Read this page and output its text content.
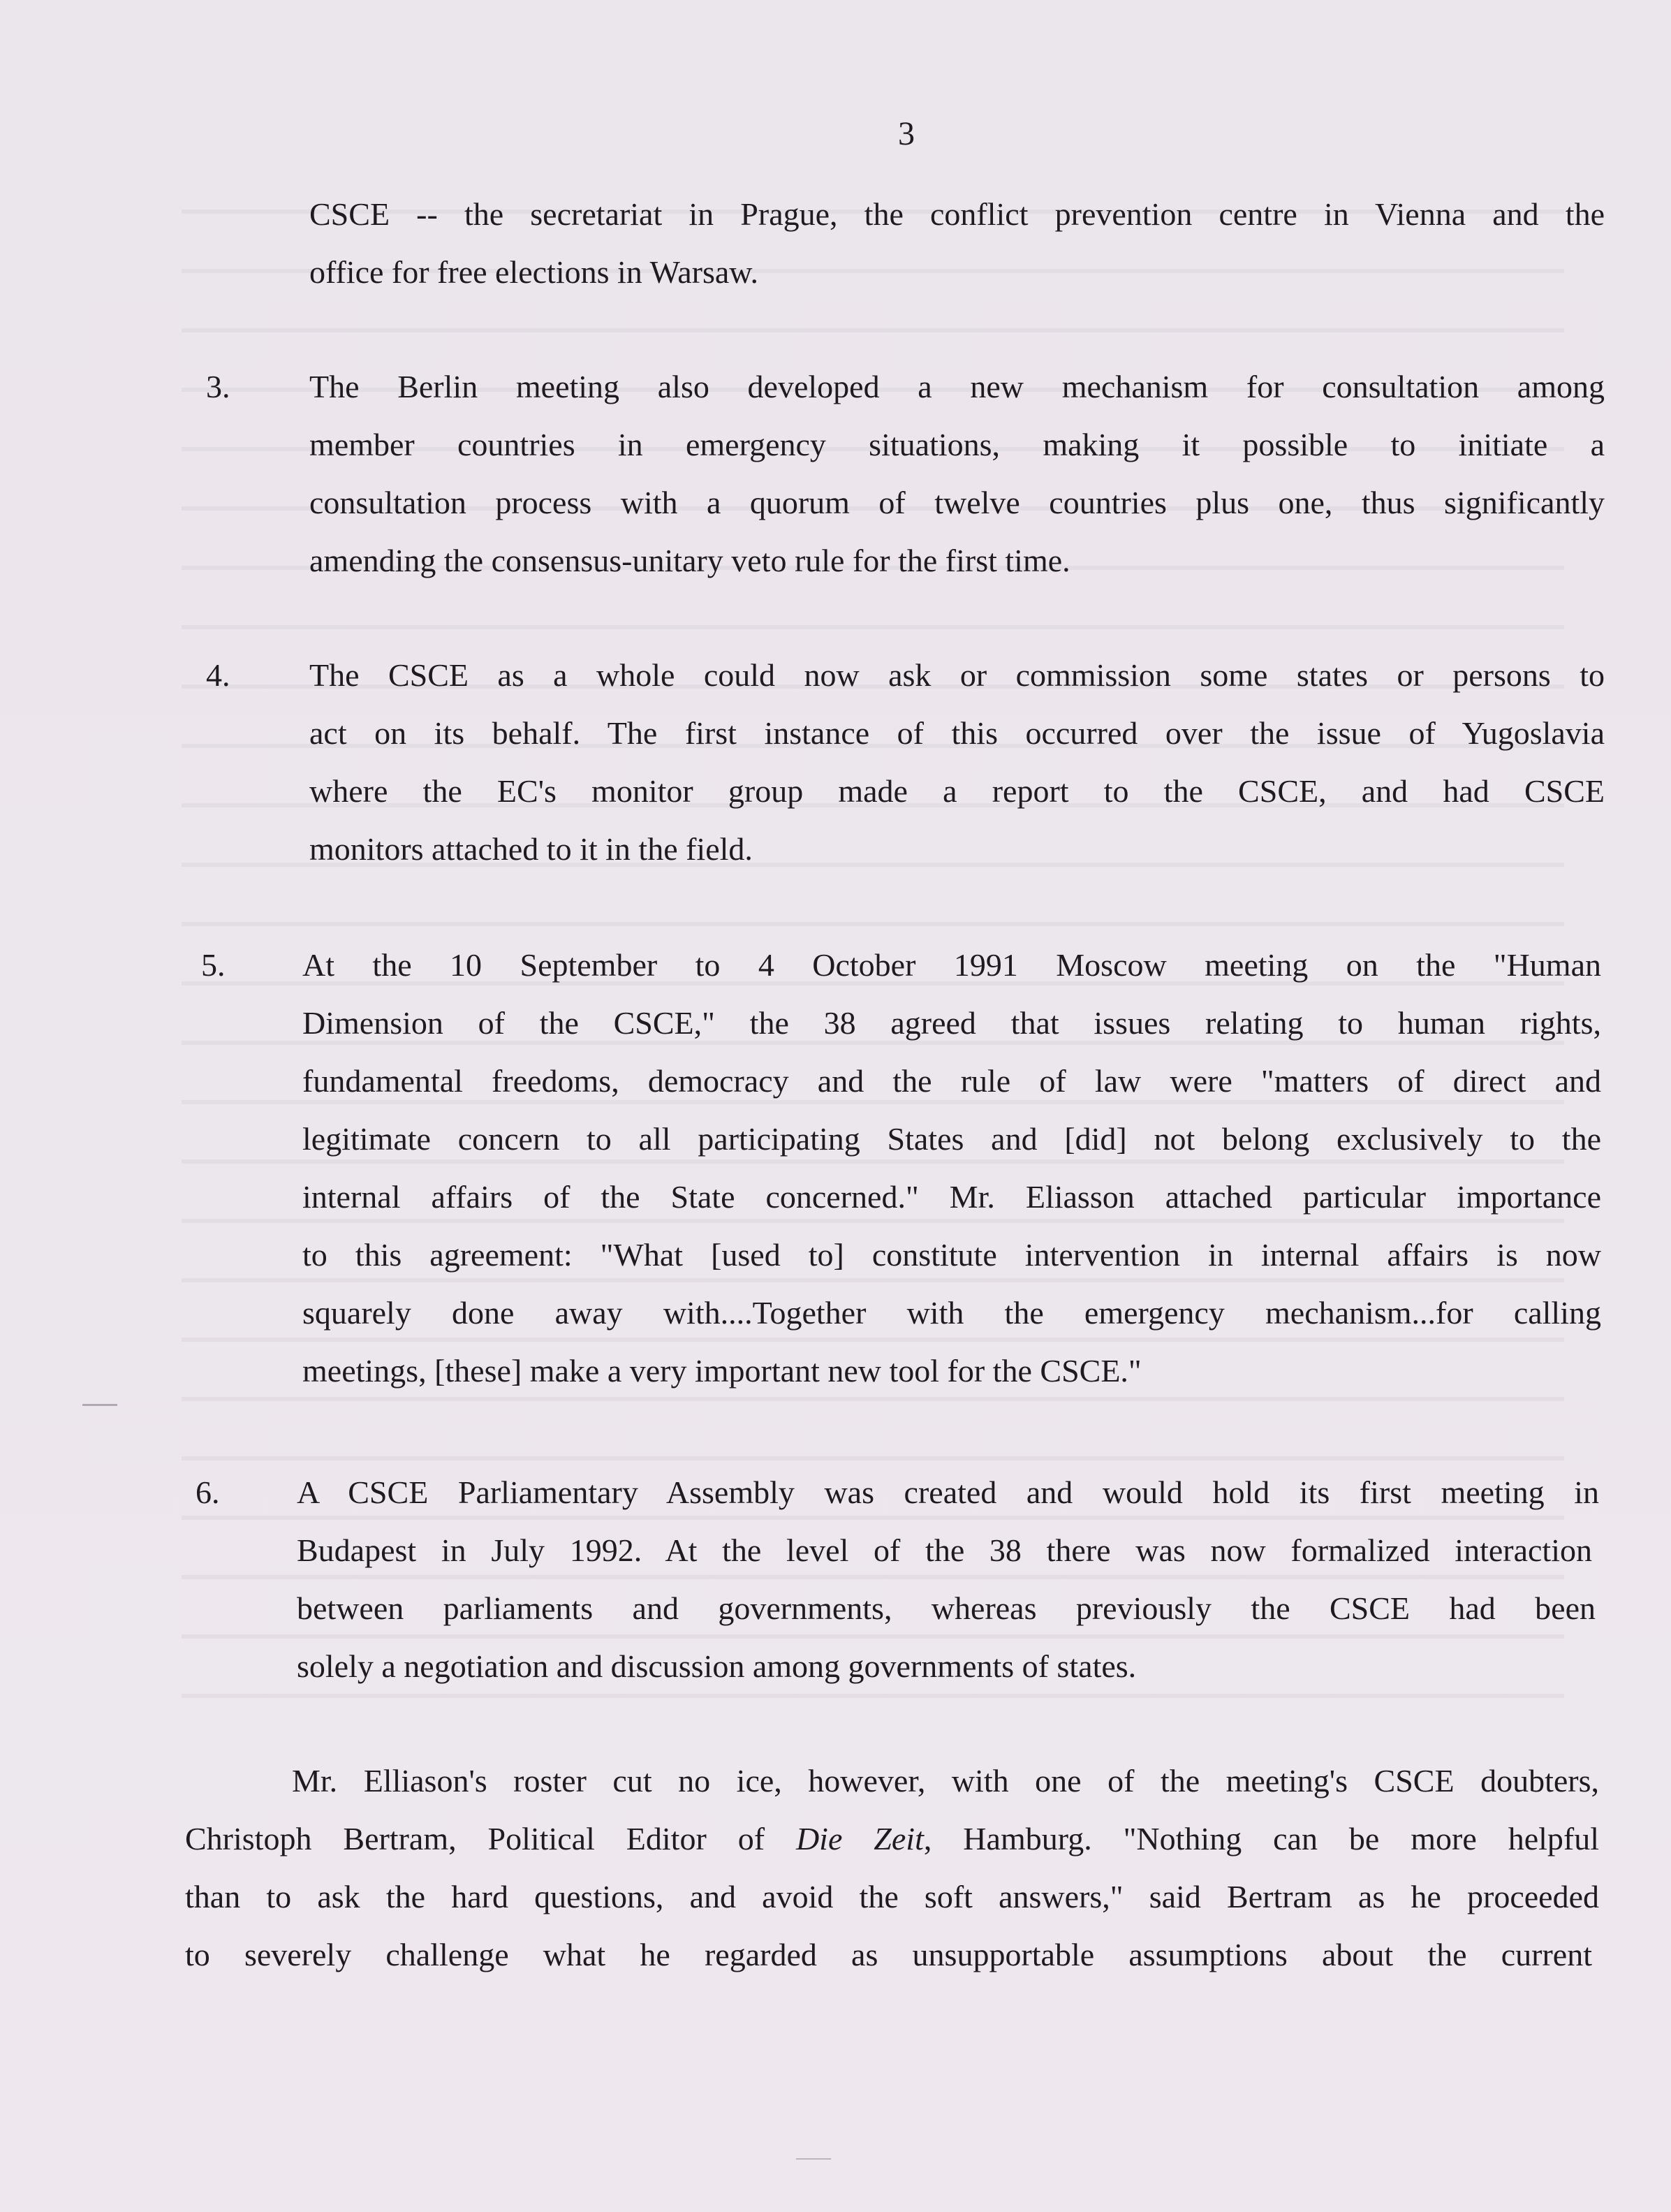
3
CSCE -- the secretariat in Prague, the conflict prevention centre in Vienna and the
office for free elections in Warsaw.
3. The Berlin meeting also developed a new mechanism for consultation among
member countries in emergency situations, making it possible to initiate a
consultation process with a quorum of twelve countries plus one, thus significantly
amending the consensus-unitary veto rule for the first time.
4. The CSCE as a whole could now ask or commission some states or persons to
act on its behalf. The first instance of this occurred over the issue of Yugoslavia
where the EC's monitor group made a report to the CSCE, and had CSCE
monitors attached to it in the field.
5. At the 10 September to 4 October 1991 Moscow meeting on the "Human
Dimension of the CSCE," the 38 agreed that issues relating to human rights,
fundamental freedoms, democracy and the rule of law were "matters of direct and
legitimate concern to all participating States and [did] not belong exclusively to the
internal affairs of the State concerned." Mr. Eliasson attached particular importance
to this agreement: "What [used to] constitute intervention in internal affairs is now
squarely done away with....Together with the emergency mechanism...for calling
meetings, [these] make a very important new tool for the CSCE."
6. A CSCE Parliamentary Assembly was created and would hold its first meeting in
Budapest in July 1992. At the level of the 38 there was now formalized interaction
between parliaments and governments, whereas previously the CSCE had been
solely a negotiation and discussion among governments of states.
Mr. Elliason's roster cut no ice, however, with one of the meeting's CSCE doubters,
Christoph Bertram, Political Editor of Die Zeit, Hamburg. "Nothing can be more helpful
than to ask the hard questions, and avoid the soft answers," said Bertram as he proceeded
to severely challenge what he regarded as unsupportable assumptions about the current
